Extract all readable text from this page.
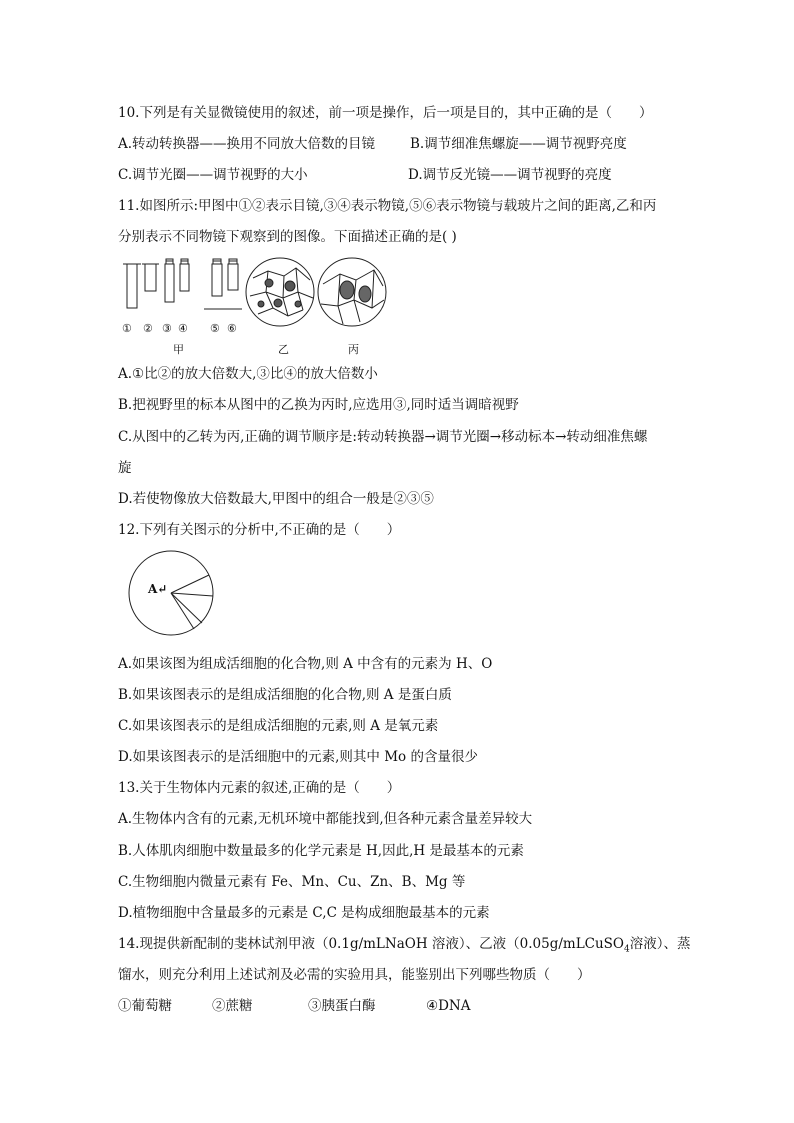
10.下列是有关显微镜使用的叙述，前一项是操作，后一项是目的，其中正确的是（　　）
A.转动转换器——换用不同放大倍数的目镜	B.调节细准焦螺旋——调节视野亮度
C.调节光圈——调节视野的大小	D.调节反光镜——调节视野的亮度
11.如图所示:甲图中①②表示目镜,③④表示物镜,⑤⑥表示物镜与载玻片之间的距离,乙和丙
分别表示不同物镜下观察到的图像。下面描述正确的是( )
① ② ③ ④ ⑤ ⑥
甲	乙	丙
A.①比②的放大倍数大,③比④的放大倍数小
B.把视野里的标本从图中的乙换为丙时,应选用③,同时适当调暗视野
C.从图中的乙转为丙,正确的调节顺序是:转动转换器→调节光圈→移动标本→转动细准焦螺
旋
D.若使物像放大倍数最大,甲图中的组合一般是②③⑤
12.下列有关图示的分析中,不正确的是（　　）
A↵
A.如果该图为组成活细胞的化合物,则 A 中含有的元素为 H、O
B.如果该图表示的是组成活细胞的化合物,则 A 是蛋白质
C.如果该图表示的是组成活细胞的元素,则 A 是氧元素
D.如果该图表示的是活细胞中的元素,则其中 Mo 的含量很少
13.关于生物体内元素的叙述,正确的是（　　）
A.生物体内含有的元素,无机环境中都能找到,但各种元素含量差异较大
B.人体肌肉细胞中数量最多的化学元素是 H,因此,H 是最基本的元素
C.生物细胞内微量元素有 Fe、Mn、Cu、Zn、B、Mg 等
D.植物细胞中含量最多的元素是 C,C 是构成细胞最基本的元素
14.现提供新配制的斐林试剂甲液（0.1g/mLNaOH 溶液）、乙液（0.05g/mLCuSO$_4$溶液）、蒸
馏水，则充分利用上述试剂及必需的实验用具，能鉴别出下列哪些物质（　　）
①葡萄糖	②蔗糖	③胰蛋白酶	④DNA
